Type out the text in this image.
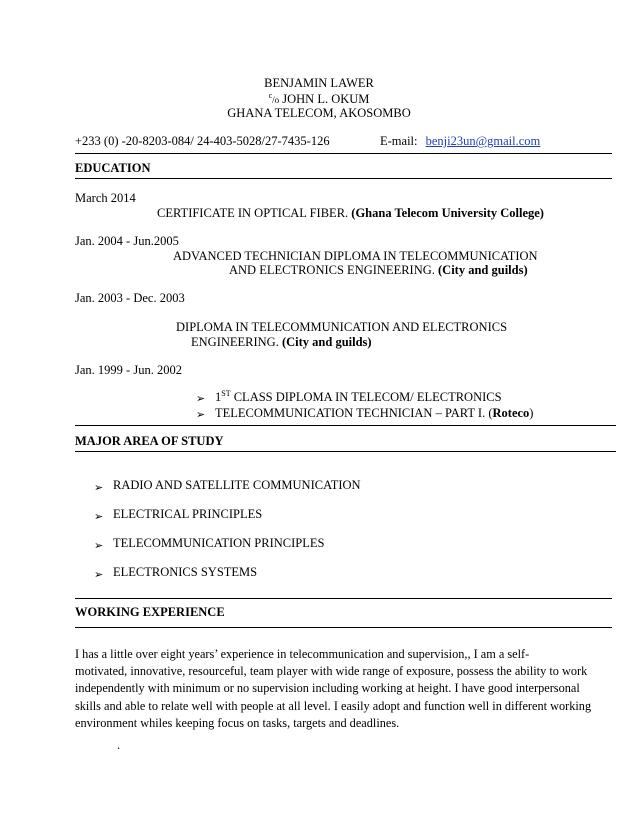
BENJAMIN LAWER
$^c$/o JOHN L. OKUM
GHANA TELECOM, AKOSOMBO
+233 (0) -20-8203-084/ 24-403-5028/27-7435-126	E-mail: benji23un@gmail.com
EDUCATION
March 2014
CERTIFICATE IN OPTICAL FIBER. (Ghana Telecom University College)
Jan. 2004 - Jun.2005
ADVANCED TECHNICIAN DIPLOMA IN TELECOMMUNICATION
AND ELECTRONICS ENGINEERING. (City and guilds)
Jan. 2003 - Dec. 2003
DIPLOMA IN TELECOMMUNICATION AND ELECTRONICS
ENGINEERING. (City and guilds)
Jan. 1999 - Jun. 2002
➢ 1ST CLASS DIPLOMA IN TELECOM/ ELECTRONICS
➢ TELECOMMUNICATION TECHNICIAN – PART I. (Roteco)
MAJOR AREA OF STUDY
➢ RADIO AND SATELLITE COMMUNICATION
➢ ELECTRICAL PRINCIPLES
➢ TELECOMMUNICATION PRINCIPLES
➢ ELECTRONICS SYSTEMS
WORKING EXPERIENCE
I has a little over eight years’ experience in telecommunication and supervision,, I am a self-
motivated, innovative, resourceful, team player with wide range of exposure, possess the ability to work
independently with minimum or no supervision including working at height. I have good interpersonal
skills and able to relate well with people at all level. I easily adopt and function well in different working
environment whiles keeping focus on tasks, targets and deadlines.
.
